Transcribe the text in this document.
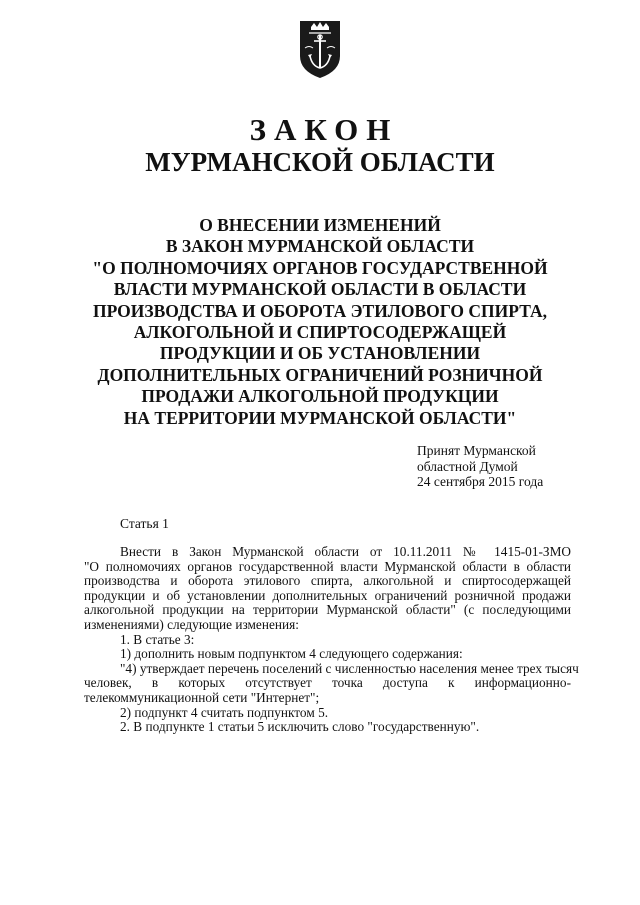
ЗАКОН
МУРМАНСКОЙ ОБЛАСТИ
О ВНЕСЕНИИ ИЗМЕНЕНИЙ
В ЗАКОН МУРМАНСКОЙ ОБЛАСТИ
"О ПОЛНОМОЧИЯХ ОРГАНОВ ГОСУДАРСТВЕННОЙ
ВЛАСТИ МУРМАНСКОЙ ОБЛАСТИ В ОБЛАСТИ
ПРОИЗВОДСТВА И ОБОРОТА ЭТИЛОВОГО СПИРТА,
АЛКОГОЛЬНОЙ И СПИРТОСОДЕРЖАЩЕЙ
ПРОДУКЦИИ И ОБ УСТАНОВЛЕНИИ
ДОПОЛНИТЕЛЬНЫХ ОГРАНИЧЕНИЙ РОЗНИЧНОЙ
ПРОДАЖИ АЛКОГОЛЬНОЙ ПРОДУКЦИИ
НА ТЕРРИТОРИИ МУРМАНСКОЙ ОБЛАСТИ"
Принят Мурманской
областной Думой
24 сентября 2015 года
Статья 1
Внести в Закон Мурманской области от 10.11.2011 № 1415-01-ЗМО
"О полномочиях органов государственной власти Мурманской области в области
производства и оборота этилового спирта, алкогольной и спиртосодержащей
продукции и об установлении дополнительных ограничений розничной продажи
алкогольной продукции на территории Мурманской области" (с последующими
изменениями) следующие изменения:
1. В статье 3:
1) дополнить новым подпунктом 4 следующего содержания:
"4) утверждает перечень поселений с численностью населения менее трех тысяч
человек, в которых отсутствует точка доступа к информационно-
телекоммуникационной сети "Интернет";
2) подпункт 4 считать подпунктом 5.
2. В подпункте 1 статьи 5 исключить слово "государственную".
